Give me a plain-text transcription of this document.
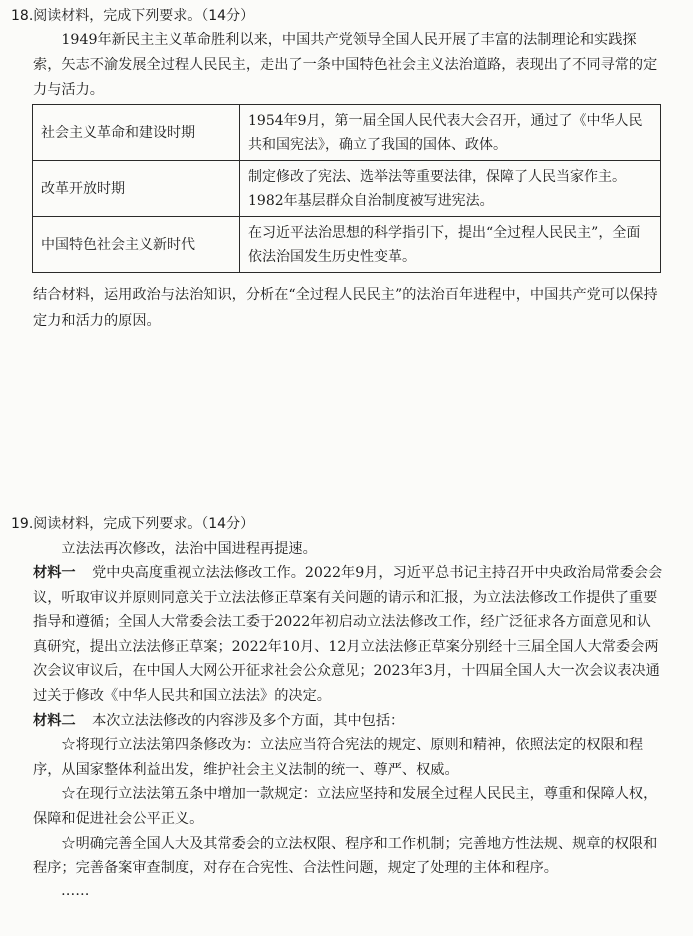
18.阅读材料，完成下列要求。（14分）
1949年新民主主义革命胜利以来，中国共产党领导全国人民开展了丰富的法制理论和实践探索，矢志不渝发展全过程人民民主，走出了一条中国特色社会主义法治道路，表现出了不同寻常的定力与活力。
社会主义革命和建设时期	1954年9月，第一届全国人民代表大会召开，通过了《中华人民共和国宪法》，确立了我国的国体、政体。
改革开放时期	制定修改了宪法、选举法等重要法律，保障了人民当家作主。1982年基层群众自治制度被写进宪法。
中国特色社会主义新时代	在习近平法治思想的科学指引下，提出“全过程人民民主”，全面依法治国发生历史性变革。
结合材料，运用政治与法治知识，分析在“全过程人民民主”的法治百年进程中，中国共产党可以保持定力和活力的原因。
19.阅读材料，完成下列要求。（14分）
立法法再次修改，法治中国进程再提速。
材料一 党中央高度重视立法法修改工作。2022年9月，习近平总书记主持召开中央政治局常委会会议，听取审议并原则同意关于立法法修正草案有关问题的请示和汇报，为立法法修改工作提供了重要指导和遵循；全国人大常委会法工委于2022年初启动立法法修改工作，经广泛征求各方面意见和认真研究，提出立法法修正草案；2022年10月、12月立法法修正草案分别经十三届全国人大常委会两次会议审议后，在中国人大网公开征求社会公众意见；2023年3月，十四届全国人大一次会议表决通过关于修改《中华人民共和国立法法》的决定。
材料二 本次立法法修改的内容涉及多个方面，其中包括：
☆将现行立法法第四条修改为：立法应当符合宪法的规定、原则和精神，依照法定的权限和程序，从国家整体利益出发，维护社会主义法制的统一、尊严、权威。
☆在现行立法法第五条中增加一款规定：立法应坚持和发展全过程人民民主，尊重和保障人权，保障和促进社会公平正义。
☆明确完善全国人大及其常委会的立法权限、程序和工作机制；完善地方性法规、规章的权限和程序；完善备案审查制度，对存在合宪性、合法性问题，规定了处理的主体和程序。
……
